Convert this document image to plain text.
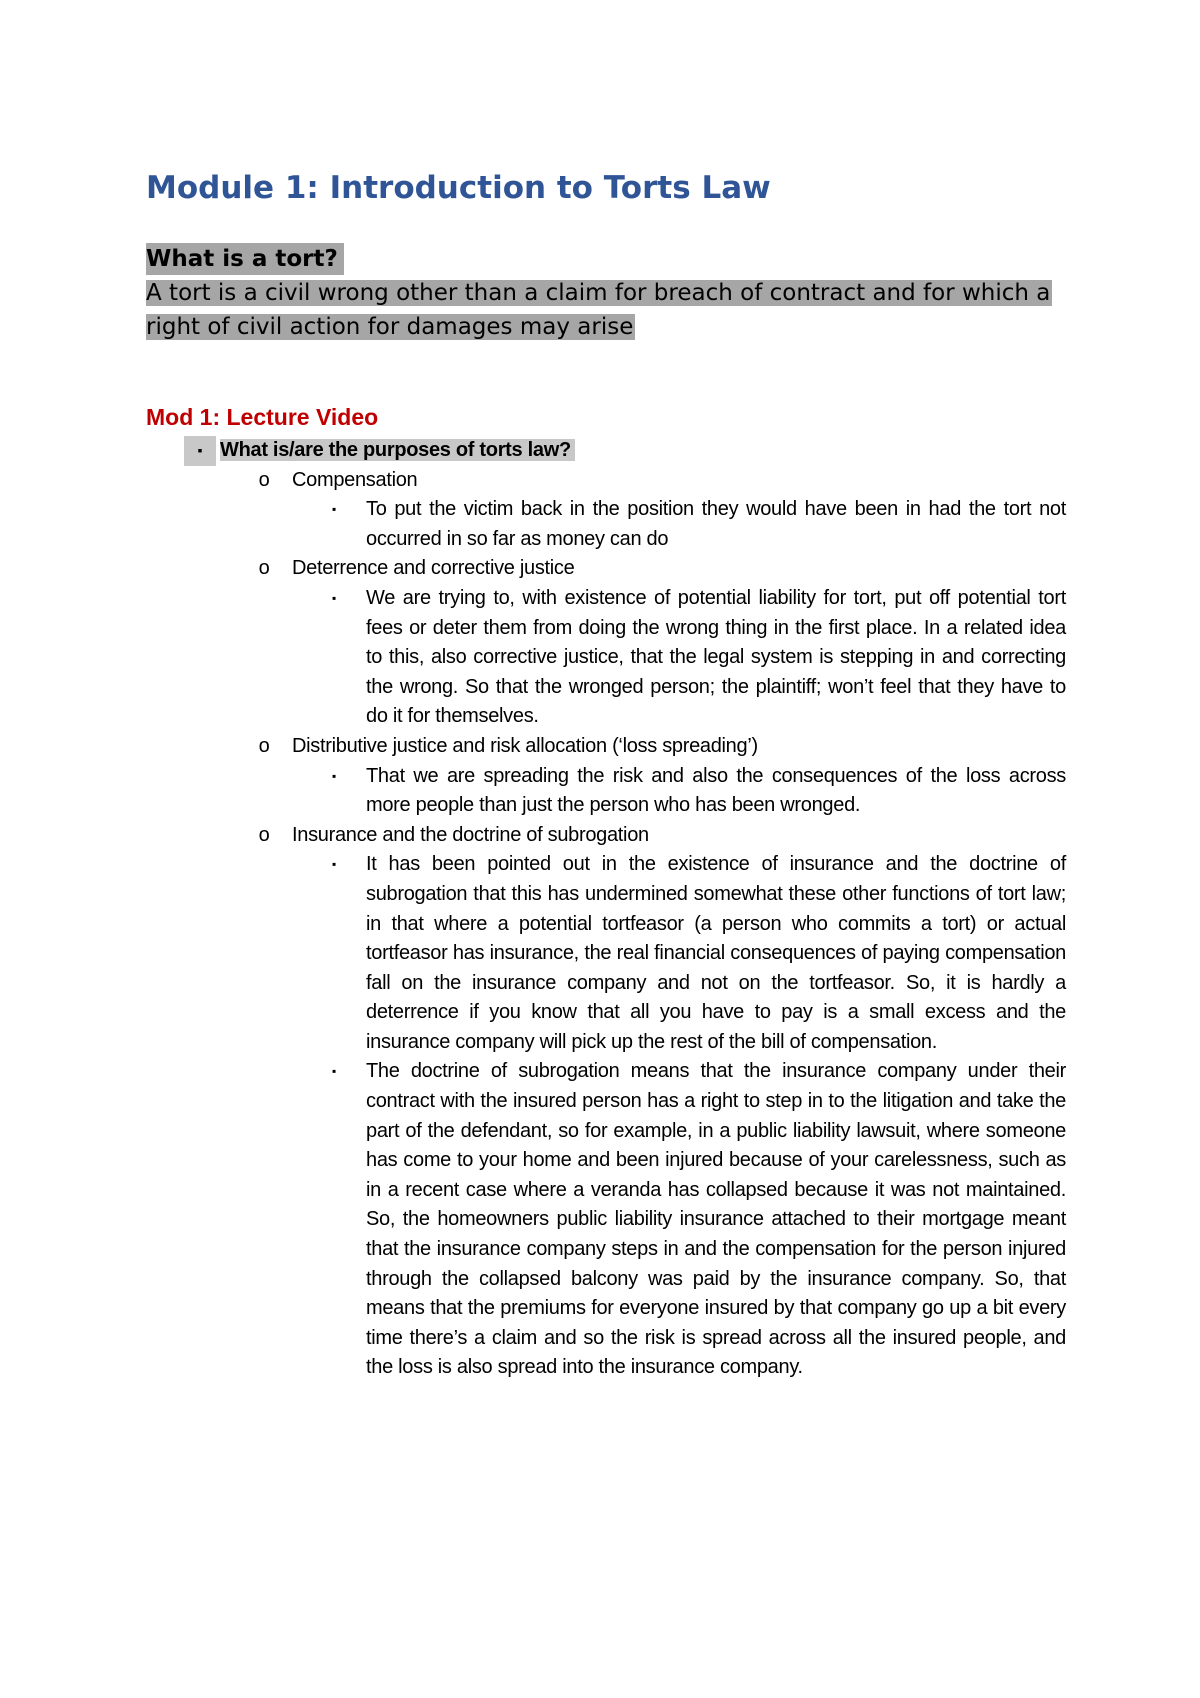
Module 1: Introduction to Torts Law

What is a tort?

A tort is a civil wrong other than a claim for breach of contract and for which a right of civil action for damages may arise

Mod 1: Lecture Video

▪ What is/are the purposes of torts law?

o Compensation

▪	To put the victim back in the position they would have been in had the tort not occurred in so far as money can do

o Deterrence and corrective justice

▪	We are trying to, with existence of potential liability for tort, put off potential tort fees or deter them from doing the wrong thing in the first place. In a related idea to this, also corrective justice, that the legal system is stepping in and correcting the wrong. So that the wronged person; the plaintiff; won’t feel that they have to do it for themselves.

o Distributive justice and risk allocation (‘loss spreading’)

▪	That we are spreading the risk and also the consequences of the loss across more people than just the person who has been wronged.

o Insurance and the doctrine of subrogation

▪	It has been pointed out in the existence of insurance and the doctrine of subrogation that this has undermined somewhat these other functions of tort law; in that where a potential tortfeasor (a person who commits a tort) or actual tortfeasor has insurance, the real financial consequences of paying compensation fall on the insurance company and not on the tortfeasor. So, it is hardly a deterrence if you know that all you have to pay is a small excess and the insurance company will pick up the rest of the bill of compensation.

▪	The doctrine of subrogation means that the insurance company under their contract with the insured person has a right to step in to the litigation and take the part of the defendant, so for example, in a public liability lawsuit, where someone has come to your home and been injured because of your carelessness, such as in a recent case where a veranda has collapsed because it was not maintained. So, the homeowners public liability insurance attached to their mortgage meant that the insurance company steps in and the compensation for the person injured through the collapsed balcony was paid by the insurance company. So, that means that the premiums for everyone insured by that company go up a bit every time there’s a claim and so the risk is spread across all the insured people, and the loss is also spread into the insurance company.
